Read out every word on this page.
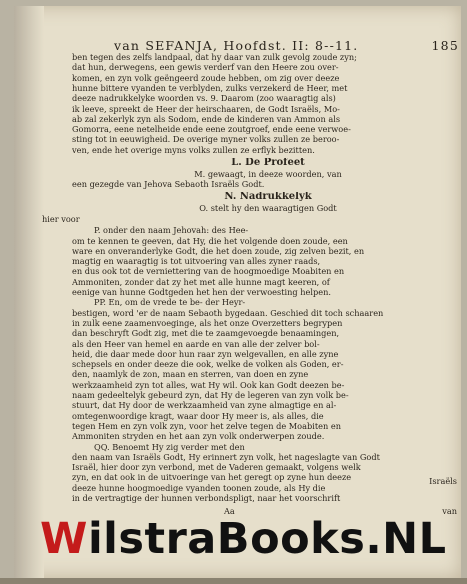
van SEFANJA, Hoofdst. II: 8--11.	185
ben tegen des zelfs landpaal, dat hy daar van zulk gevolg zoude zyn;
dat hun, derwegens, een gewis verderf van den Heere zou over-
komen, en zyn volk geëngeerd zoude hebben, om zig over deeze
hunne bittere vyanden te verblyden, zulks verzekerd de Heer, met
deeze nadrukkelyke woorden vs. 9. Daarom (zoo waaragtig als)
ik leeve, spreekt de Heer der heirschaaren, de Godt Israëls, Mo-
ab zal zekerlyk zyn als Sodom, ende de kinderen van Ammon als
Gomorra, eene netelheide ende eene zoutgroef, ende eene verwoe-
sting tot in eeuwigheid. De overige myner volks zullen ze beroo-
ven, ende het overige myns volks zullen ze erflyk bezitten.
L. De Profeet
M. gewaagt, in deeze woorden, van
een gezegde van Jehova Sebaoth Israëls Godt.
N. Nadrukkelyk
O. stelt hy den waaragtigen Godt
hier voor
P. onder den naam Jehovah: des Hee-
om te kennen te geeven, dat Hy, die het volgende doen zoude, een
ware en onveranderlyke Godt, die het doen zoude, zig zelven bezit, en
magtig en waaragtig is tot uitvoering van alles zyner raads,
en dus ook tot de verniettering van de hoogmoedige Moabiten en
Ammoniten, zonder dat zy het met alle hunne magt keeren, of
eenige van hunne Godtgeden het hen der verwoesting helpen.
PP. En, om de vrede te be- der Heyr-
bestigen, word 'er de naam Sebaoth bygedaan. Geschied dit toch schaaren
in zulk eene zaamenvoeginge, als het onze Overzetters begrypen
dan beschryft Godt zig, met die te zaamgevoegde benaamingen,
als den Heer van hemel en aarde en van alle der zelver bol-
heid, die daar mede door hun raar zyn welgevallen, en alle zyne
schepsels en onder deeze die ook, welke de volken als Goden, er-
den, naamlyk de zon, maan en sterren, van doen en zyne
werkzaamheid zyn tot alles, wat Hy wil. Ook kan Godt deezen be-
naam gedeeltelyk gebeurd zyn, dat Hy de legeren van zyn volk be-
stuurt, dat Hy door de werkzaamheid van zyne almagtige en al-
omtegenwoordige kragt, waar door Hy meer is, als alles, die
tegen Hem en zyn volk zyn, voor het zelve tegen de Moabiten en
Ammoniten stryden en het aan zyn volk onderwerpen zoude.
QQ. Benoemt Hy zig verder met den
den naam van Israëls Godt, Hy erinnert zyn volk, het nageslagte van Godt
Israël, hier door zyn verbond, met de Vaderen gemaakt, volgens welk
zyn, en dat ook in de uitvoeringe van het geregt op zyne hun deeze
deeze hunne hoogmoedige vyanden toonen zoude, als Hy die
in de vertragtige der hunnen verbondspligt, naar het voorschrift
Israëls
van
Aa
WilstraBooks.NL
